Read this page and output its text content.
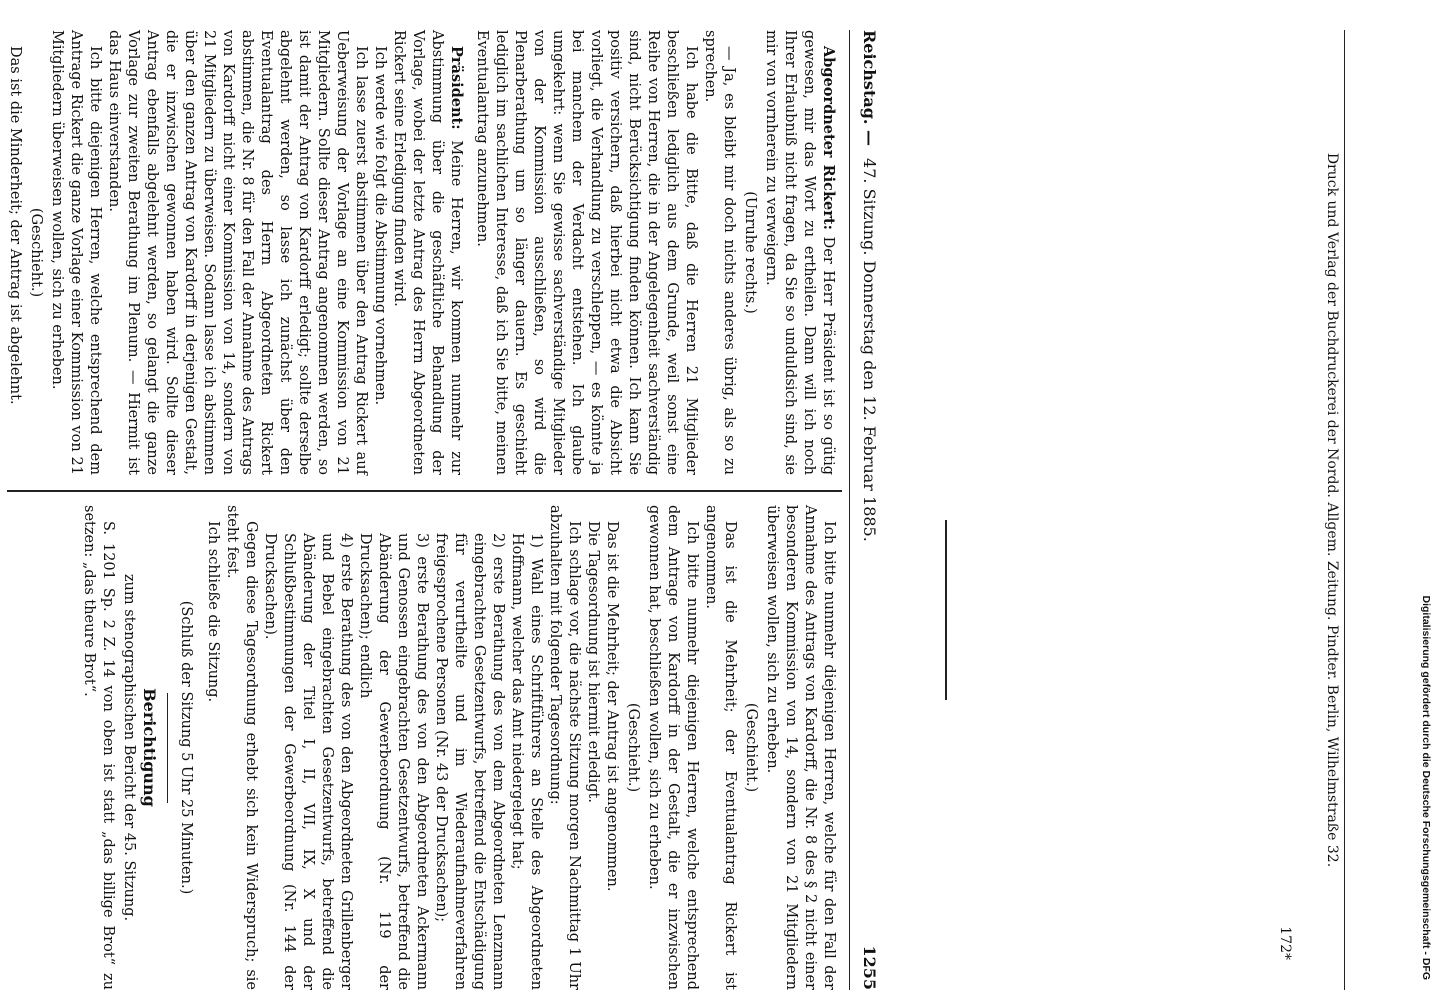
Reichstag. —
47. Sitzung. Donnerstag den 12. Februar 1885.
1255

Abgeordneter Rickert: Der Herr Präsident ist so gütig gewesen, mir das Wort zu ertheilen. Dann will ich noch Ihrer Erlaubniß nicht fragen, da Sie so unduldsich sind, sie mir von vornherein zu verweigern.

(Unruhe rechts.)

— Ja, es bleibt mir doch nichts anderes übrig, als so zu sprechen.

Ich habe die Bitte, daß die Herren 21 Mitglieder beschließen lediglich aus dem Grunde, weil sonst eine Reihe von Herren, die in der Angelegenheit sachverständig sind, nicht Berücksichtigung finden können. Ich kann Sie positiv versichern, daß hierbei nicht etwa die Absicht vorliegt, die Verhandlung zu verschleppen, — es könnte ja bei manchem der Verdacht entstehen. Ich glaube umgekehrt: wenn Sie gewisse sachverständige Mitglieder von der Kommission ausschließen, so wird die Plenarberathung um so länger dauern. Es geschieht lediglich im sachlichen Interesse, daß ich Sie bitte, meinen Eventualantrag anzunehmen.

Präsident: Meine Herren, wir kommen nunmehr zur Abstimmung über die geschäftliche Behandlung der Vorlage, wobei der letzte Antrag des Herrn Abgeordneten Rickert seine Erledigung finden wird.

Ich werde wie folgt die Abstimmung vornehmen.

Ich lasse zuerst abstimmen über den Antrag Rickert auf Ueberweisung der Vorlage an eine Kommission von 21 Mitgliedern. Sollte dieser Antrag angenommen werden, so ist damit der Antrag von Kardorff erledigt; sollte derselbe abgelehnt werden, so lasse ich zunächst über den Eventualantrag des Herrn Abgeordneten Rickert abstimmen, die Nr. 8 für den Fall der Annahme des Antrags von Kardorff nicht einer Kommission von 14, sondern von 21 Mitgliedern zu überweisen. Sodann lasse ich abstimmen über den ganzen Antrag von Kardorff in derjenigen Gestalt, die er inzwischen gewonnen haben wird. Sollte dieser Antrag ebenfalls abgelehnt werden, so gelangt die ganze Vorlage zur zweiten Berathung im Plenum. — Hiermit ist das Haus einverstanden.

Ich bitte diejenigen Herren, welche entsprechend dem Antrage Rickert die ganze Vorlage einer Kommission von 21 Mitgliedern überweisen wollen, sich zu erheben.

(Geschieht.)

Das ist die Minderheit; der Antrag ist abgelehnt.

Ich bitte nunmehr diejenigen Herren, welche für den Fall der Annahme des Antrags von Kardorff, die Nr. 8 des § 2 nicht einer besonderen Kommission von 14, sondern von 21 Mitgliedern überweisen wollen, sich zu erheben.

(Geschieht.)

Das ist die Mehrheit; der Eventualantrag Rickert ist angenommen.

Ich bitte nunmehr diejenigen Herren, welche entsprechend dem Antrage von Kardorff in der Gestalt, die er inzwischen gewonnen hat, beschließen wollen, sich zu erheben.

(Geschieht.)

Das ist die Mehrheit; der Antrag ist angenommen.

Die Tagesordnung ist hiermit erledigt.

Ich schlage vor, die nächste Sitzung morgen Nachmittag 1 Uhr abzuhalten mit folgender Tagesordnung:

1) Wahl eines Schriftführers an Stelle des Abgeordneten Hoffmann, welcher das Amt niedergelegt hat;
2) erste Berathung des von dem Abgeordneten Lenzmann eingebrachten Gesetzentwurfs, betreffend die Entschädigung für verurtheilte und im Wiederaufnahmeverfahren freigesprochene Personen (Nr. 43 der Drucksachen);
3) erste Berathung des von den Abgeordneten Ackermann und Genossen eingebrachten Gesetzentwurfs, betreffend die Abänderung der Gewerbeordnung (Nr. 119 der Drucksachen); endlich
4) erste Berathung des von den Abgeordneten Grillenberger und Bebel eingebrachten Gesetzentwurfs, betreffend die Abänderung der Titel I, II, VII, IX, X und der Schlußbestimmungen der Gewerbeordnung (Nr. 144 der Drucksachen).

Gegen diese Tagesordnung erhebt sich kein Widerspruch; sie steht fest.

Ich schließe die Sitzung.

(Schluß der Sitzung 5 Uhr 25 Minuten.)

Berichtigung

zum stenographischen Bericht der 45. Sitzung.

S. 1201 Sp. 2 Z. 14 von oben ist statt „das billige Brot“ zu setzen: „das theure Brot“.	Druck und Verlag der Buchdruckerei der Nordd. Allgem. Zeitung. Pindter. Berlin, Wilhelmstraße 32.
172*	Digitalisierung gefördert durch die Deutsche Forschungsgemeinschaft - DFG
